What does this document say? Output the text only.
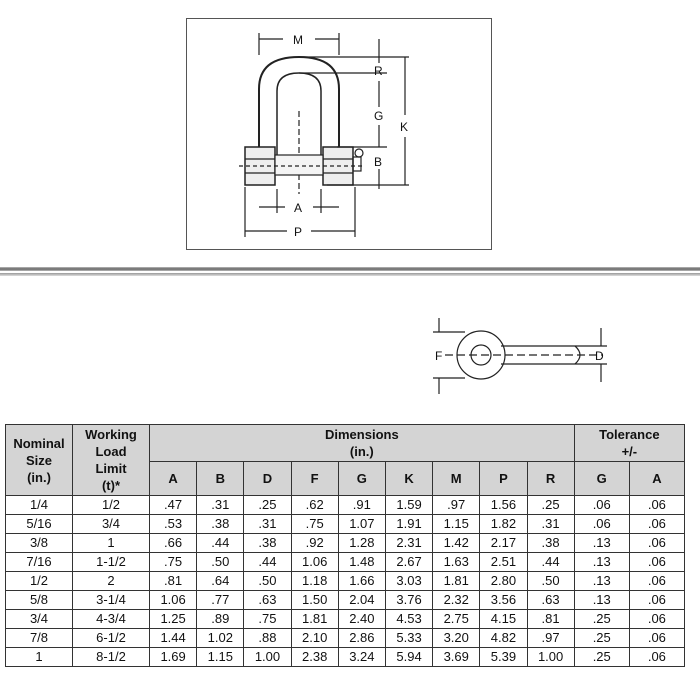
M
R
G
K
B
A
P
F	D
Nominal
Size
(in.)	Working
Load
Limit
(t)*	Dimensions
(in.)									Tolerance
+/-	

		A	B	D	F	G	K	M	P	R	G	A
1/4	1/2	.47	.31	.25	.62	.91	1.59	.97	1.56	.25	.06	.06
5/16	3/4	.53	.38	.31	.75	1.07	1.91	1.15	1.82	.31	.06	.06
3/8	1	.66	.44	.38	.92	1.28	2.31	1.42	2.17	.38	.13	.06
7/16	1-1/2	.75	.50	.44	1.06	1.48	2.67	1.63	2.51	.44	.13	.06
1/2	2	.81	.64	.50	1.18	1.66	3.03	1.81	2.80	.50	.13	.06
5/8	3-1/4	1.06	.77	.63	1.50	2.04	3.76	2.32	3.56	.63	.13	.06
3/4	4-3/4	1.25	.89	.75	1.81	2.40	4.53	2.75	4.15	.81	.25	.06
7/8	6-1/2	1.44	1.02	.88	2.10	2.86	5.33	3.20	4.82	.97	.25	.06
1	8-1/2	1.69	1.15	1.00	2.38	3.24	5.94	3.69	5.39	1.00	.25	.06
